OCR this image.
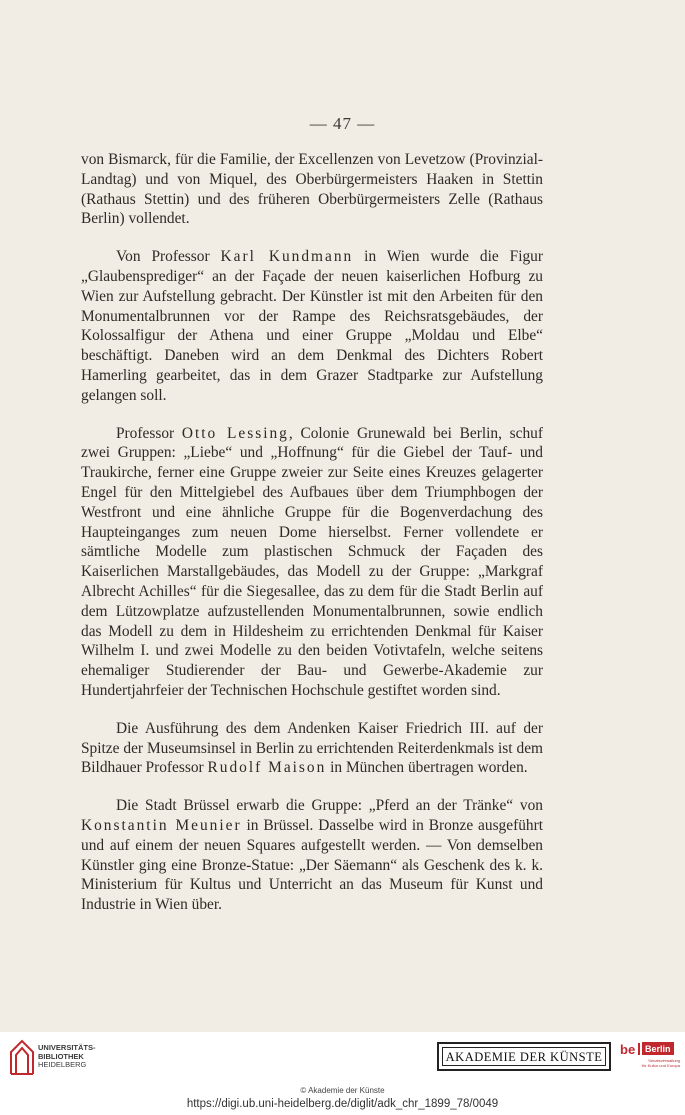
— 47 —

von Bismarck, für die Familie, der Excellenzen von Levetzow (Provinzial-Landtag) und von Miquel, des Oberbürgermeisters Haaken in Stettin (Rathaus Stettin) und des früheren Oberbürgermeisters Zelle (Rathaus Berlin) vollendet.

Von Professor Karl Kundmann in Wien wurde die Figur „Glaubensprediger“ an der Façade der neuen kaiserlichen Hofburg zu Wien zur Aufstellung gebracht. Der Künstler ist mit den Arbeiten für den Monumentalbrunnen vor der Rampe des Reichsratsgebäudes, der Kolossalfigur der Athena und einer Gruppe „Moldau und Elbe“ beschäftigt. Daneben wird an dem Denkmal des Dichters Robert Hamerling gearbeitet, das in dem Grazer Stadtparke zur Aufstellung gelangen soll.

Professor Otto Lessing, Colonie Grunewald bei Berlin, schuf zwei Gruppen: „Liebe“ und „Hoffnung“ für die Giebel der Tauf- und Traukirche, ferner eine Gruppe zweier zur Seite eines Kreuzes gelagerter Engel für den Mittelgiebel des Aufbaues über dem Triumphbogen der Westfront und eine ähnliche Gruppe für die Bogenverdachung des Haupteinganges zum neuen Dome hierselbst. Ferner vollendete er sämtliche Modelle zum plastischen Schmuck der Façaden des Kaiserlichen Marstallgebäudes, das Modell zu der Gruppe: „Markgraf Albrecht Achilles“ für die Siegesallee, das zu dem für die Stadt Berlin auf dem Lützowplatze aufzustellenden Monumentalbrunnen, sowie endlich das Modell zu dem in Hildesheim zu errichtenden Denkmal für Kaiser Wilhelm I. und zwei Modelle zu den beiden Votivtafeln, welche seitens ehemaliger Studierender der Bau- und Gewerbe-Akademie zur Hundertjahrfeier der Technischen Hochschule gestiftet worden sind.

Die Ausführung des dem Andenken Kaiser Friedrich III. auf der Spitze der Museumsinsel in Berlin zu errichtenden Reiterdenkmals ist dem Bildhauer Professor Rudolf Maison in München übertragen worden.

Die Stadt Brüssel erwarb die Gruppe: „Pferd an der Tränke“ von Konstantin Meunier in Brüssel. Dasselbe wird in Bronze ausgeführt und auf einem der neuen Squares aufgestellt werden. — Von demselben Künstler ging eine Bronze-Statue: „Der Säemann“ als Geschenk des k. k. Ministerium für Kultus und Unterricht an das Museum für Kunst und Industrie in Wien über.

UNIVERSITÄTS-
BIBLIOTHEK
HEIDELBERG
AKADEMIE DER KÜNSTE be Berlin
Senatsverwaltung
für Kultur und Europa
© Akademie der Künste
https://digi.ub.uni-heidelberg.de/diglit/adk_chr_1899_78/0049
